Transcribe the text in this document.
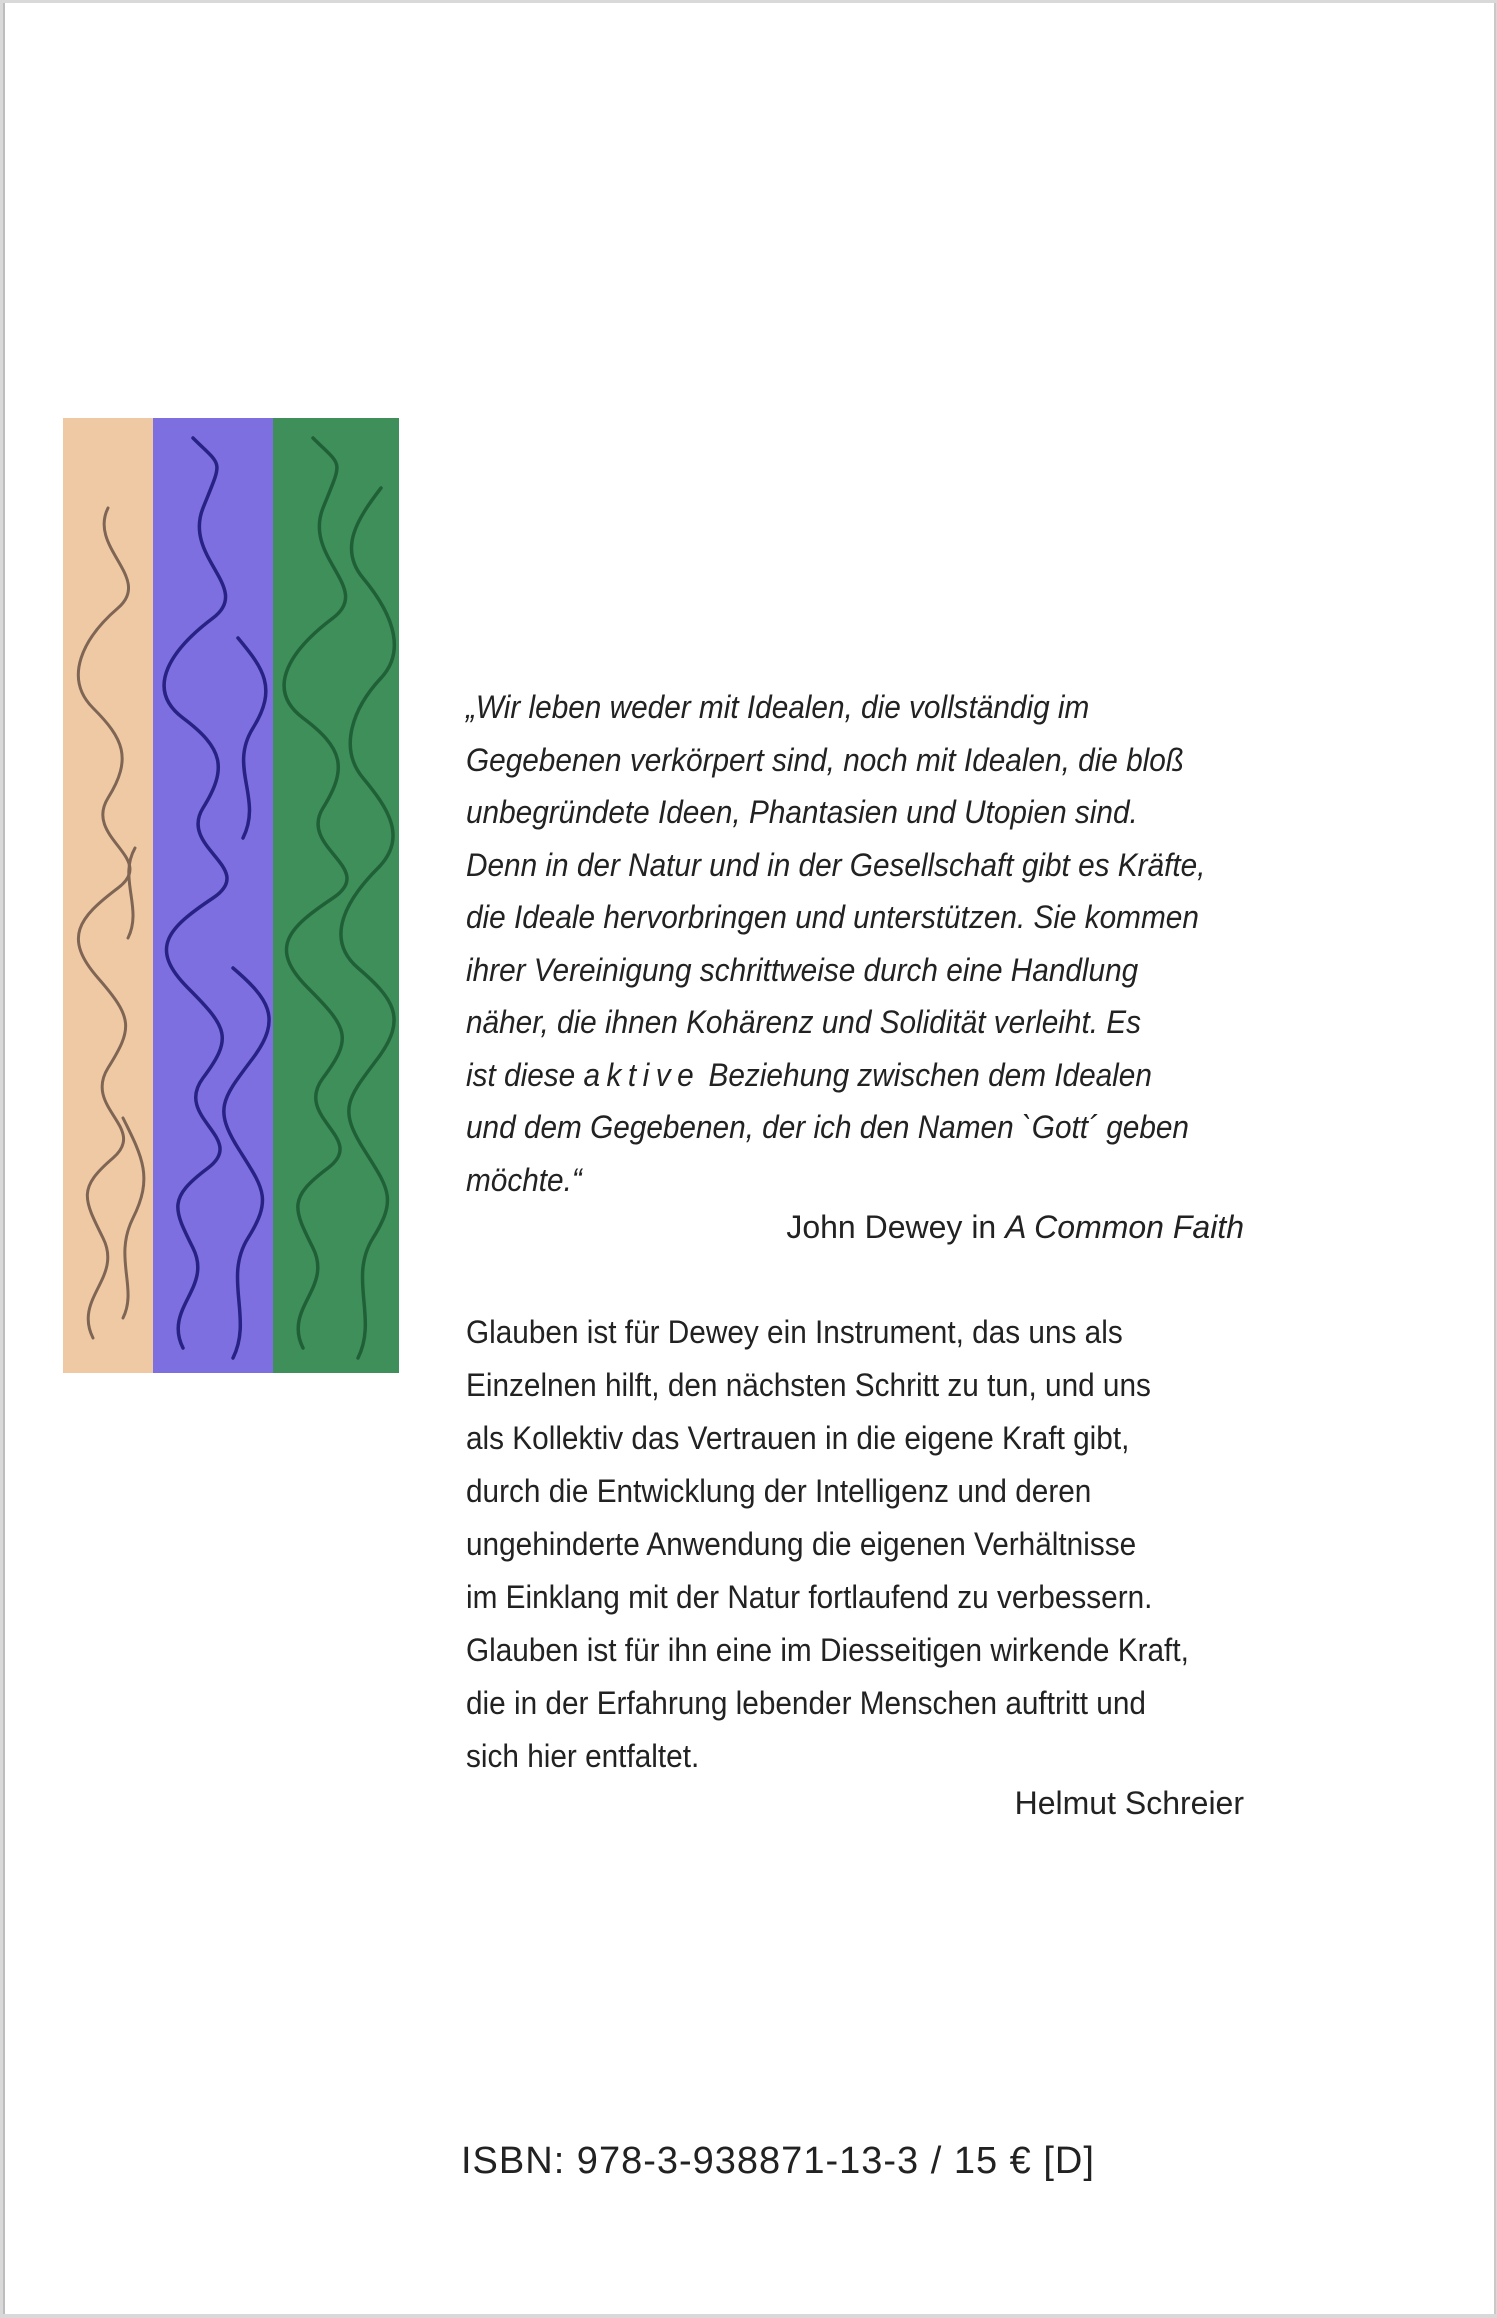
„Wir leben weder mit Idealen, die vollständig im
Gegebenen verkörpert sind, noch mit Idealen, die bloß
unbegründete Ideen, Phantasien und Utopien sind.
Denn in der Natur und in der Gesellschaft gibt es Kräfte,
die Ideale hervorbringen und unterstützen. Sie kommen
ihrer Vereinigung schrittweise durch eine Handlung
näher, die ihnen Kohärenz und Solidität verleiht. Es
ist diese aktive Beziehung zwischen dem Idealen
und dem Gegebenen, der ich den Namen `Gott´ geben
möchte.“
John Dewey in A Common Faith
Glauben ist für Dewey ein Instrument, das uns als
Einzelnen hilft, den nächsten Schritt zu tun, und uns
als Kollektiv das Vertrauen in die eigene Kraft gibt,
durch die Entwicklung der Intelligenz und deren
ungehinderte Anwendung die eigenen Verhältnisse
im Einklang mit der Natur fortlaufend zu verbessern.
Glauben ist für ihn eine im Diesseitigen wirkende Kraft,
die in der Erfahrung lebender Menschen auftritt und
sich hier entfaltet.
Helmut Schreier
ISBN: 978-3-938871-13-3 / 15 € [D]
